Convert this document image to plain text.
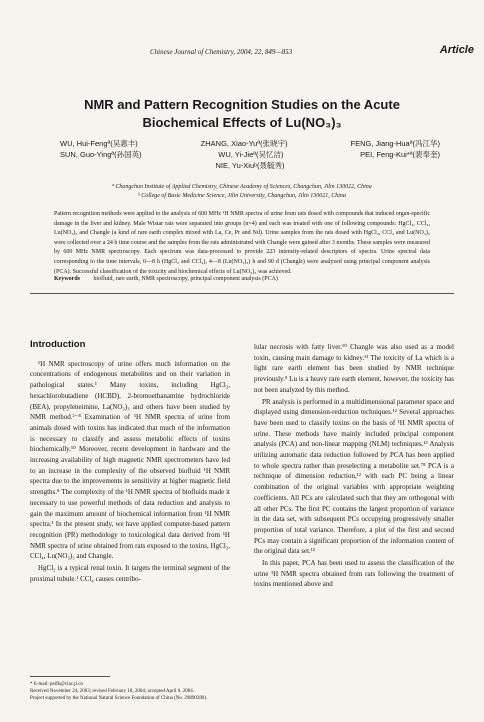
Chinese Journal of Chemistry, 2004, 22, 849—853	Article
NMR and Pattern Recognition Studies on the Acute
Biochemical Effects of Lu(NO₃)₃
WU, Hui-Fengª(吴惠丰)	ZHANG, Xiao-Yuª(张晓宇)	FENG, Jiang-Huaª(冯江华)
SUN, Guo-Yingª(孙国英)	WU, Yi-Jieª(吴忆洁)	PEI, Feng-Kui*ª(裴奉奎)
NIE, Yu-Xiuᵇ(聂毓秀)
ª Changchun Institute of Applied Chemistry, Chinese Academy of Sciences, Changchun, Jilin 130022, China
ᵇ College of Basic Medicine Science, Jilin University, Changchun, Jilin 130021, China
Pattern recognition methods were applied to the analysis of 600 MHz ¹H NMR spectra of urine from rats dosed with compounds that induced organ-specific damage in the liver and kidney. Male Wistar rats were separated into groups (n=4) and each was treated with one of following compounds: HgCl₂, CCl₄, Lu(NO₃)₃ and Changle (a kind of rare earth complex mixed with La, Ce, Pr and Nd). Urine samples from the rats dosed with HgCl₂, CCl₄ and Lu(NO₃)₃ were collected over a 24 h time course and the samples from the rats administrated with Changle were gained after 3 months. These samples were measured by 600 MHz NMR spectroscopy. Each spectrum was data-processed to provide 223 intensity-related descriptors of spectra. Urine spectral data corresponding to the time intervals, 0—8 h (HgCl₂ and CCl₄), 4—8 (Lu(NO₃)₃) h and 90 d (Changle) were analyzed using principal component analysis (PCA). Successful classification of the toxicity and biochemical effects of Lu(NO₃)₃ was achieved.
Keywords biofluid, rare earth, NMR spectroscopy, principal component analysis (PCA)
Introduction

¹H NMR spectroscopy of urine offers much information on the concentrations of endogenous metabolites and on their variation in pathological states.¹ Many toxins, including HgCl₂, hexachlorobutadiene (HCBD), 2-bromoethanamine hydrochloride (BEA), propyleneimine, La(NO₃)₃ and others have been studied by NMR method.²⁻⁸ Examination of ¹H NMR spectra of urine from animals dosed with toxins has indicated that much of the information is necessary to classify and assess metabolic effects of toxins biochemically.¹⁰ Moreover, recent development in hardware and the increasing availability of high magnetic NMR spectrometers have led to an increase in the complexity of the observed biofluid ¹H NMR spectra due to the improvements in sensitivity at higher magnetic field strengths.⁸ The complexity of the ¹H NMR spectra of biofluids made it necessary to use powerful methods of data reduction and analysis to gain the maximum amount of biochemical information from ¹H NMR spectra.¹ In the present study, we have applied computer-based pattern recognition (PR) methodology to toxicological data derived from ¹H NMR spectra of urine obtained from rats exposed to the toxins, HgCl₂, CCl₄, Lu(NO₃)₃ and Changle.

HgCl₂ is a typical renal toxin. It targets the terminal segment of the proximal tubule.¹ CCl₄ causes centribo-

lular necrosis with fatty liver.¹⁰ Changle was also used as a model toxin, causing main damage to kidney.¹¹ The toxicity of La which is a light rare earth element has been studied by NMR technique previously.⁹ Lu is a heavy rare earth element, however, the toxicity has not been analyzed by this method.

PR analysis is performed in a multidimensional parameter space and displayed using dimension-reduction techniques.¹² Several approaches have been used to classify toxins on the basis of ¹H NMR spectra of urine. These methods have mainly included principal component analysis (PCA) and non-linear mapping (NLM) techniques.¹³ Analysis utilizing automatic data reduction followed by PCA has been applied to whole spectra rather than preselecting a metabolite set.⁷⁸ PCA is a technique of dimension reduction,¹² with each PC being a linear combination of the original variables with appropriate weighting coefficients. All PCs are calculated such that they are orthogonal with all other PCs. The first PC contains the largest proportion of variance in the data set, with subsequent PCs occupying progressively smaller proportion of total variance. Therefore, a plot of the first and second PCs may contain a significant proportion of the information content of the original data set.¹²

In this paper, PCA has been used to assess the classification of the urine ¹H NMR spectra obtained from rats following the treatment of toxins mentioned above and

* E-mail: peifk@ciac.jl.cn
Received November 24, 2003; revised February 18, 2004; accepted April 6, 2004.
Project supported by the National Natural Science Foundation of China (No. 29890280).
